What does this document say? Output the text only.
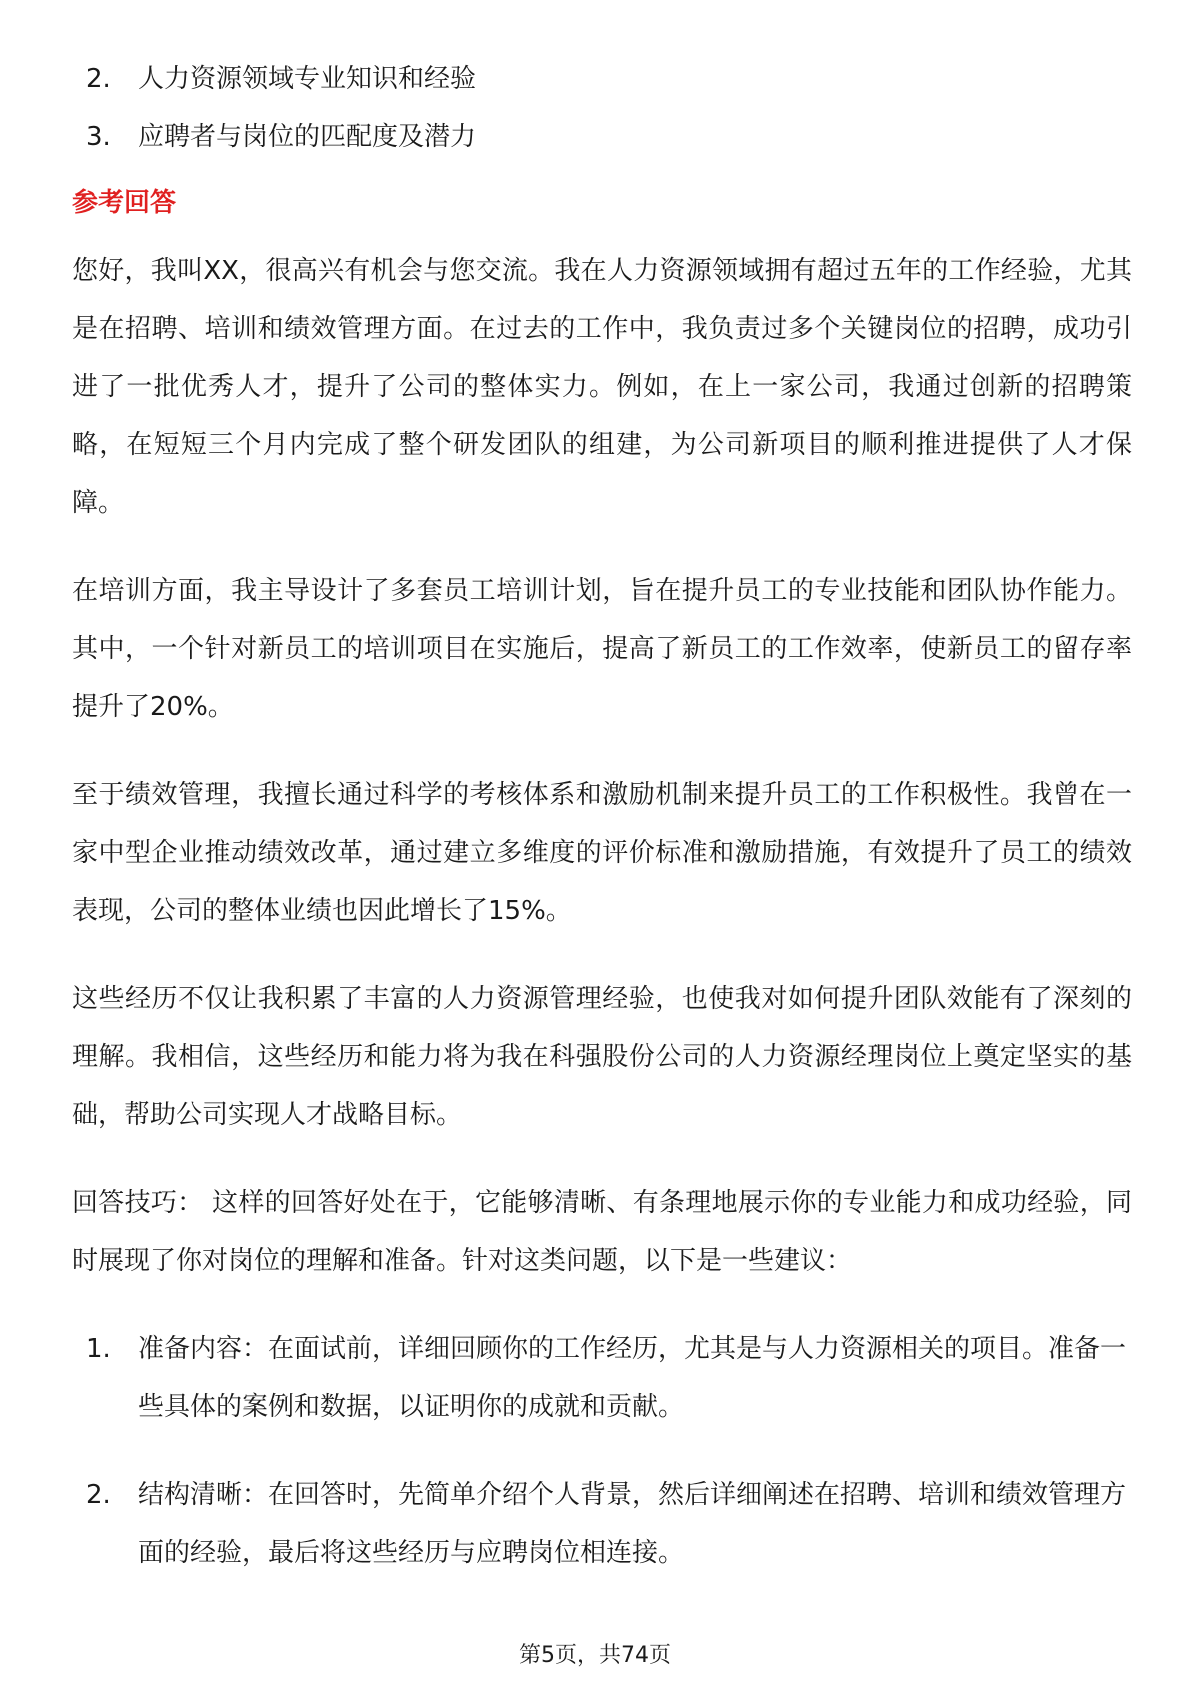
2.	人力资源领域专业知识和经验
3.	应聘者与岗位的匹配度及潜力
参考回答

您好，我叫XX，很高兴有机会与您交流。我在人力资源领域拥有超过五年的工作经验，尤其是在招聘、培训和绩效管理方面。在过去的工作中，我负责过多个关键岗位的招聘，成功引进了一批优秀人才，提升了公司的整体实力。例如，在上一家公司，我通过创新的招聘策略，在短短三个月内完成了整个研发团队的组建，为公司新项目的顺利推进提供了人才保障。

在培训方面，我主导设计了多套员工培训计划，旨在提升员工的专业技能和团队协作能力。其中，一个针对新员工的培训项目在实施后，提高了新员工的工作效率，使新员工的留存率提升了20%。

至于绩效管理，我擅长通过科学的考核体系和激励机制来提升员工的工作积极性。我曾在一家中型企业推动绩效改革，通过建立多维度的评价标准和激励措施，有效提升了员工的绩效表现，公司的整体业绩也因此增长了15%。

这些经历不仅让我积累了丰富的人力资源管理经验，也使我对如何提升团队效能有了深刻的理解。我相信，这些经历和能力将为我在科强股份公司的人力资源经理岗位上奠定坚实的基础，帮助公司实现人才战略目标。

回答技巧： 这样的回答好处在于，它能够清晰、有条理地展示你的专业能力和成功经验，同时展现了你对岗位的理解和准备。针对这类问题，以下是一些建议：

1.	准备内容：在面试前，详细回顾你的工作经历，尤其是与人力资源相关的项目。准备一些具体的案例和数据，以证明你的成就和贡献。
2.	结构清晰：在回答时，先简单介绍个人背景，然后详细阐述在招聘、培训和绩效管理方面的经验，最后将这些经历与应聘岗位相连接。
第5页，共74页
